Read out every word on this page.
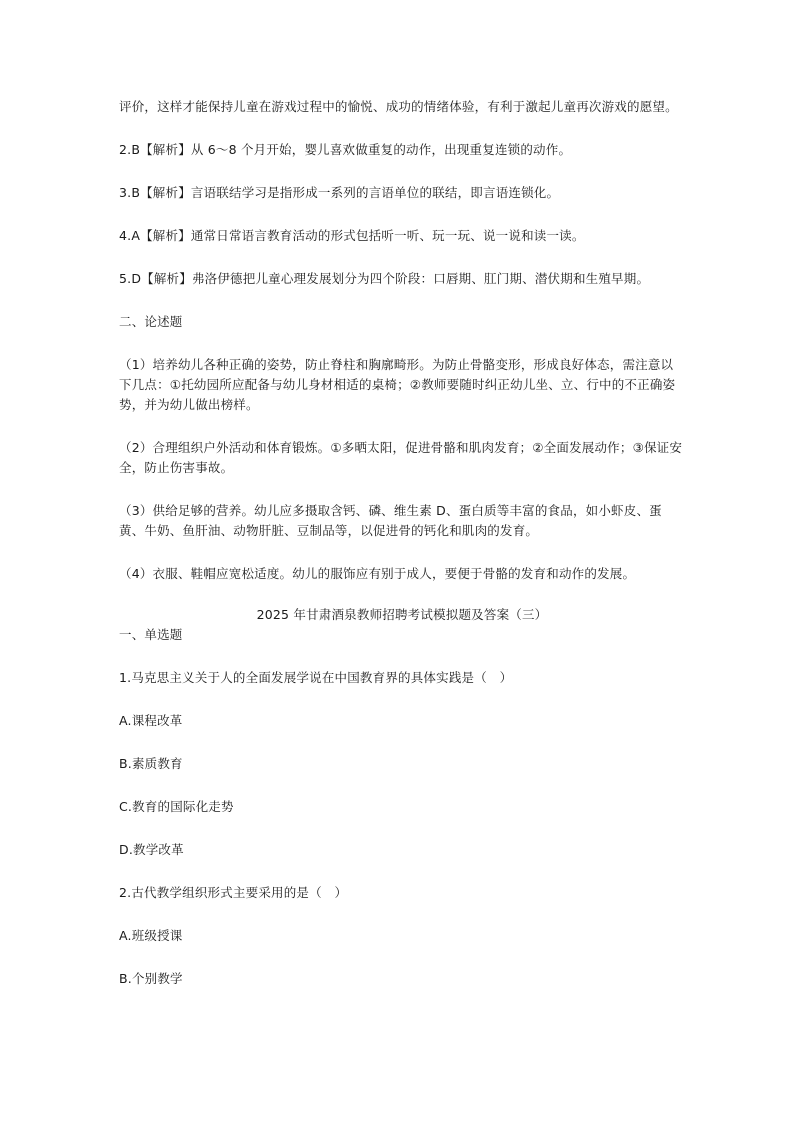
评价，这样才能保持儿童在游戏过程中的愉悦、成功的情绪体验，有利于激起儿童再次游戏的愿望。

2.B【解析】从 6～8 个月开始，婴儿喜欢做重复的动作，出现重复连锁的动作。

3.B【解析】言语联结学习是指形成一系列的言语单位的联结，即言语连锁化。

4.A【解析】通常日常语言教育活动的形式包括听一听、玩一玩、说一说和读一读。

5.D【解析】弗洛伊德把儿童心理发展划分为四个阶段：口唇期、肛门期、潜伏期和生殖早期。

二、论述题

（1）培养幼儿各种正确的姿势，防止脊柱和胸廓畸形。为防止骨骼变形，形成良好体态，需注意以下几点：①托幼园所应配备与幼儿身材相适的桌椅；②教师要随时纠正幼儿坐、立、行中的不正确姿势，并为幼儿做出榜样。

（2）合理组织户外活动和体育锻炼。①多晒太阳，促进骨骼和肌肉发育；②全面发展动作；③保证安全，防止伤害事故。

（3）供给足够的营养。幼儿应多摄取含钙、磷、维生素 D、蛋白质等丰富的食品，如小虾皮、蛋黄、牛奶、鱼肝油、动物肝脏、豆制品等，以促进骨的钙化和肌肉的发育。

（4）衣服、鞋帽应宽松适度。幼儿的服饰应有别于成人，要便于骨骼的发育和动作的发展。

2025 年甘肃酒泉教师招聘考试模拟题及答案（三）

一、单选题

1.马克思主义关于人的全面发展学说在中国教育界的具体实践是（　）

A.课程改革

B.素质教育

C.教育的国际化走势

D.教学改革

2.古代教学组织形式主要采用的是（　）

A.班级授课

B.个别教学
